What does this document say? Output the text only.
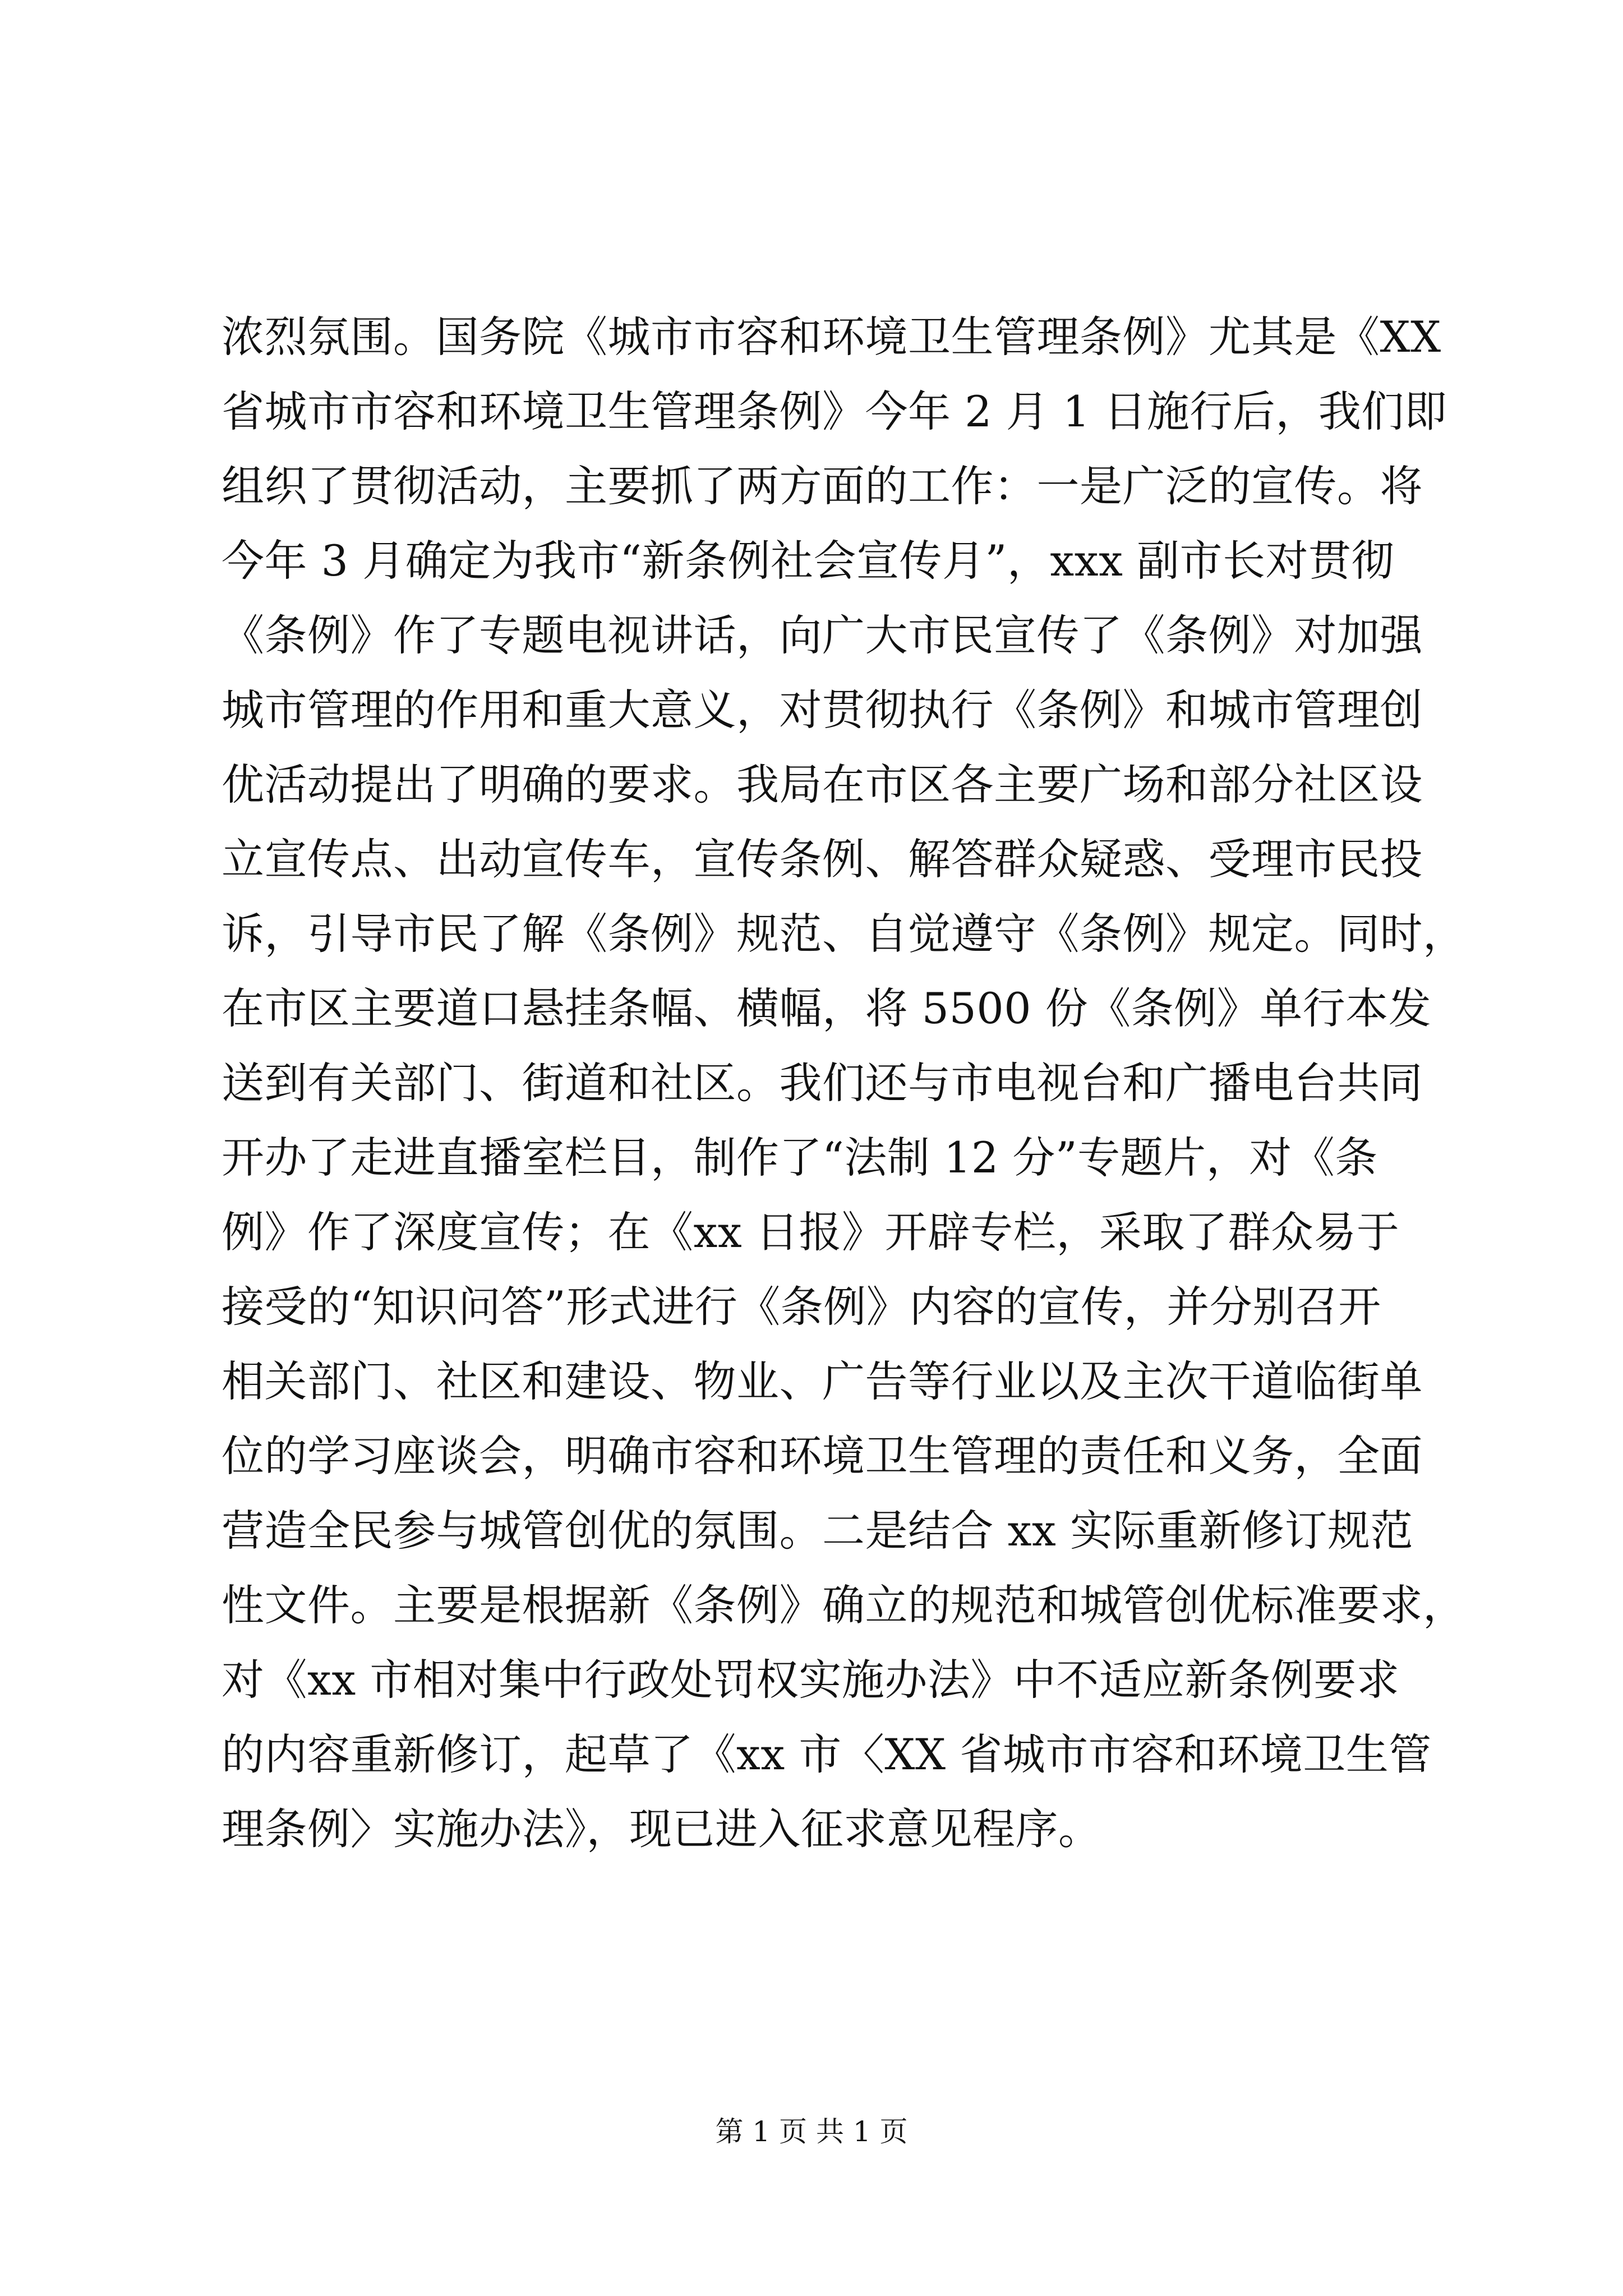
浓烈氛围。国务院《城市市容和环境卫生管理条例》尤其是《XX
省城市市容和环境卫生管理条例》今年 2 月 1 日施行后，我们即
组织了贯彻活动，主要抓了两方面的工作：一是广泛的宣传。将
今年 3 月确定为我市“新条例社会宣传月”，xxx 副市长对贯彻
《条例》作了专题电视讲话，向广大市民宣传了《条例》对加强
城市管理的作用和重大意义，对贯彻执行《条例》和城市管理创
优活动提出了明确的要求。我局在市区各主要广场和部分社区设
立宣传点、出动宣传车，宣传条例、解答群众疑惑、受理市民投
诉，引导市民了解《条例》规范、自觉遵守《条例》规定。同时，
在市区主要道口悬挂条幅、横幅，将 5500 份《条例》单行本发
送到有关部门、街道和社区。我们还与市电视台和广播电台共同
开办了走进直播室栏目，制作了“法制 12 分”专题片，对《条
例》作了深度宣传；在《xx 日报》开辟专栏，采取了群众易于
接受的“知识问答”形式进行《条例》内容的宣传，并分别召开
相关部门、社区和建设、物业、广告等行业以及主次干道临街单
位的学习座谈会，明确市容和环境卫生管理的责任和义务，全面
营造全民参与城管创优的氛围。二是结合 xx 实际重新修订规范
性文件。主要是根据新《条例》确立的规范和城管创优标准要求，
对《xx 市相对集中行政处罚权实施办法》中不适应新条例要求
的内容重新修订，起草了《xx 市〈XX 省城市市容和环境卫生管
理条例〉实施办法》，现已进入征求意见程序。
第 1 页 共 1 页
